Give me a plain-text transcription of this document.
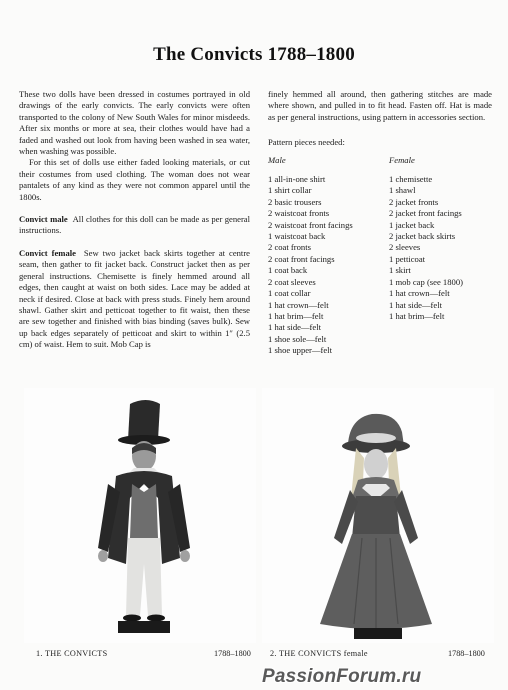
The Convicts 1788–1800

These two dolls have been dressed in costumes portrayed in old drawings of the early convicts. The early convicts were often transported to the colony of New South Wales for minor misdeeds. After six months or more at sea, their clothes would have had a faded and washed out look from having been washed in sea water, when washing was possible.

For this set of dolls use either faded looking materials, or cut their costumes from used clothing. The woman does not wear pantalets of any kind as they were not common apparel until the 1800s.

Convict male All clothes for this doll can be made as per general instructions.

Convict female Sew two jacket back skirts together at centre seam, then gather to fit jacket back. Construct jacket then as per general instructions. Chemisette is finely hemmed around all edges, then caught at waist on both sides. Lace may be added at neck if desired. Close at back with press studs. Finely hem around shawl. Gather skirt and petticoat together to fit waist, then these are sew together and finished with bias binding (saves bulk). Sew up back edges separately of petticoat and skirt to within 1″ (2.5 cm) of waist. Hem to suit. Mob Cap is

finely hemmed all around, then gathering stitches are made where shown, and pulled in to fit head. Fasten off. Hat is made as per general instructions, using pattern in accessories section.

Pattern pieces needed:
Male
1 all-in-one shirt
1 shirt collar
2 basic trousers
2 waistcoat fronts
2 waistcoat front facings
1 waistcoat back
2 coat fronts
2 coat front facings
1 coat back
2 coat sleeves
1 coat collar
1 hat crown—felt
1 hat brim—felt
1 hat side—felt
1 shoe sole—felt
1 shoe upper—felt
Female
1 chemisette
1 shawl
2 jacket fronts
2 jacket front facings
1 jacket back
2 jacket back skirts
2 sleeves
1 petticoat
1 skirt
1 mob cap (see 1800)
1 hat crown—felt
1 hat side—felt
1 hat brim—felt
1. THE CONVICTS	1788–1800 2. THE CONVICTS female	1788–1800
PassionForum.ru
